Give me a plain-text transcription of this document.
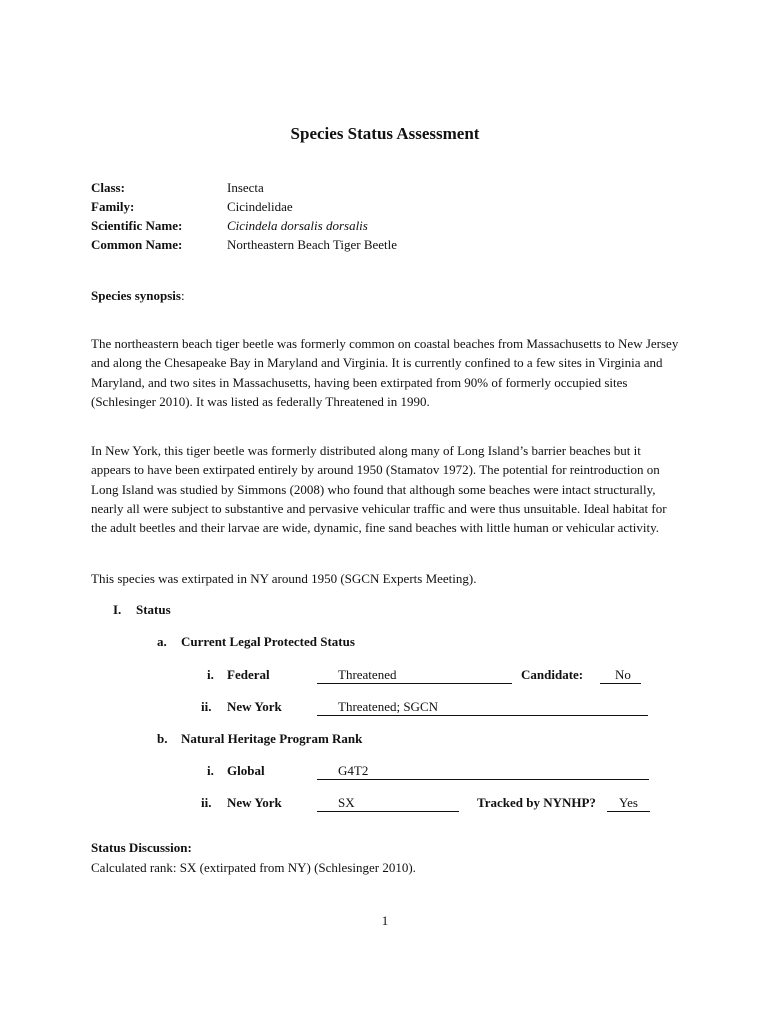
Species Status Assessment
Class:	Insecta
Family:	Cicindelidae
Scientific Name:	Cicindela dorsalis dorsalis
Common Name:	Northeastern Beach Tiger Beetle
Species synopsis:
The northeastern beach tiger beetle was formerly common on coastal beaches from Massachusetts to New Jersey and along the Chesapeake Bay in Maryland and Virginia. It is currently confined to a few sites in Virginia and Maryland, and two sites in Massachusetts, having been extirpated from 90% of formerly occupied sites (Schlesinger 2010). It was listed as federally Threatened in 1990.
In New York, this tiger beetle was formerly distributed along many of Long Island’s barrier beaches but it appears to have been extirpated entirely by around 1950 (Stamatov 1972). The potential for reintroduction on Long Island was studied by Simmons (2008) who found that although some beaches were intact structurally, nearly all were subject to substantive and pervasive vehicular traffic and were thus unsuitable. Ideal habitat for the adult beetles and their larvae are wide, dynamic, fine sand beaches with little human or vehicular activity.
This species was extirpated in NY around 1950 (SGCN Experts Meeting).
I. Status
a. Current Legal Protected Status
i. Federal	Threatened	Candidate:	No
ii. New York	Threatened; SGCN
b. Natural Heritage Program Rank
i. Global	G4T2
ii. New York	SX	Tracked by NYNHP?	Yes
Status Discussion:
Calculated rank: SX (extirpated from NY) (Schlesinger 2010).
1
